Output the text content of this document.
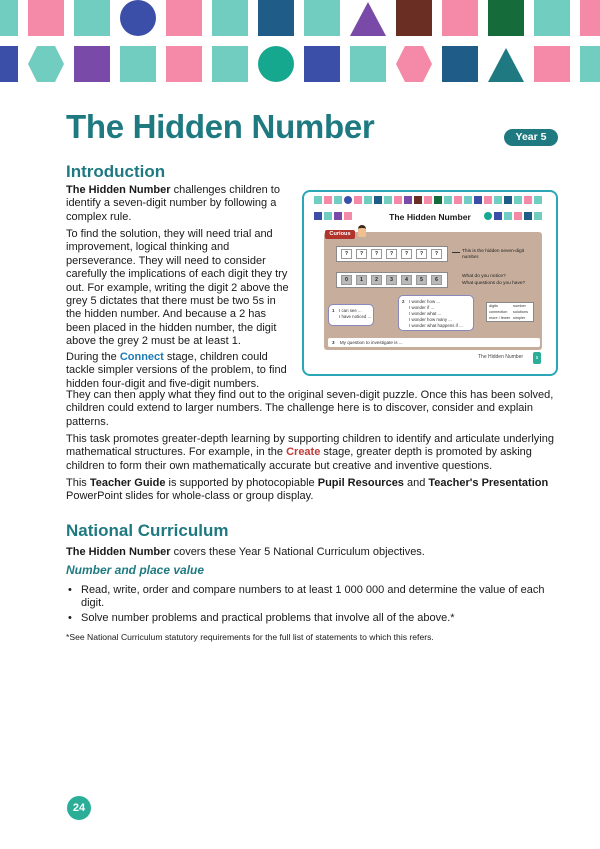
The Hidden Number	Year 5
Introduction
The Hidden Number challenges children to identify a seven-digit number by following a complex rule.
To find the solution, they will need trial and improvement, logical thinking and perseverance. They will need to consider carefully the implications of each digit they try out. For example, writing the digit 2 above the grey 5 dictates that there must be two 5s in the hidden number. And because a 2 has been placed in the hidden number, the digit above the grey 2 must be at least 1.
During the Connect stage, children could tackle simpler versions of the problem, to find hidden four-digit and five-digit numbers.
They can then apply what they find out to the original seven-digit puzzle. Once this has been solved, children could extend to larger numbers. The challenge here is to discover, consider and explain patterns.
This task promotes greater-depth learning by supporting children to identify and articulate underlying mathematical structures. For example, in the Create stage, greater depth is promoted by asking children to form their own mathematically accurate but creative and inventive questions.
This Teacher Guide is supported by photocopiable Pupil Resources and Teacher's Presentation PowerPoint slides for whole-class or group display.
The Hidden Number
Curious
?	?	?	?	?	?	?
0	1	2	3	4	5	6
This is the hidden seven-digit number.
What do you notice?
What questions do you have?
1 I can see ...
I have noticed ...
2 I wonder how ...
I wonder if ...
I wonder what ...
I wonder how many ...
I wonder what happens if ...
digits	number
connection solutions
more / fewer simpler
3 My question to investigate is ...
The Hidden Number	5
National Curriculum
The Hidden Number covers these Year 5 National Curriculum objectives.
Number and place value
• Read, write, order and compare numbers to at least 1 000 000 and determine the value of each digit.
• Solve number problems and practical problems that involve all of the above.*
*See National Curriculum statutory requirements for the full list of statements to which this refers.
24
